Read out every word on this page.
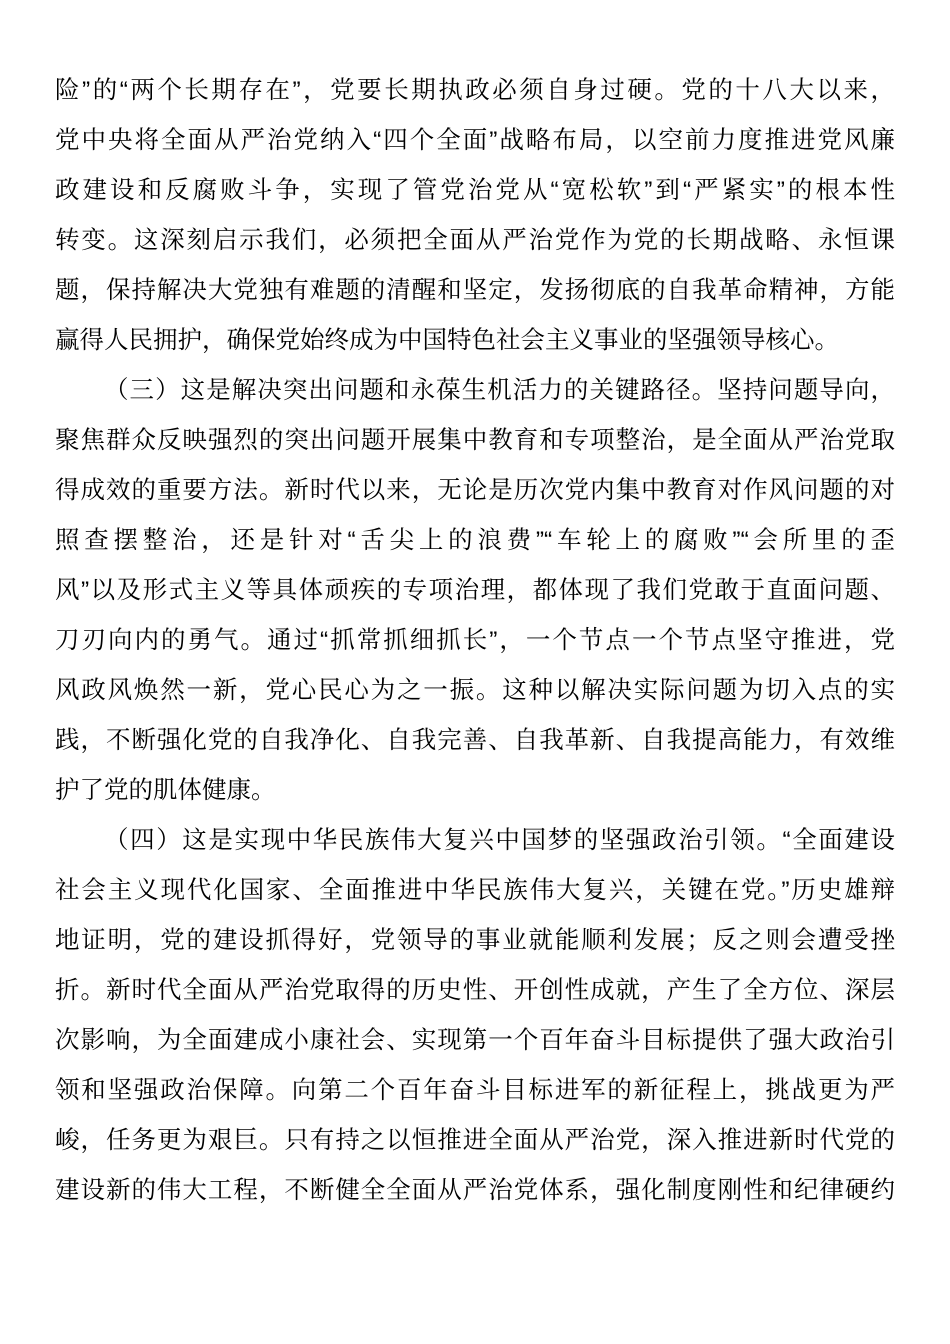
险”的“两个长期存在”，党要长期执政必须自身过硬。党的十八大以来，
党中央将全面从严治党纳入“四个全面”战略布局，以空前力度推进党风廉
政建设和反腐败斗争，实现了管党治党从“宽松软”到“严紧实”的根本性
转变。这深刻启示我们，必须把全面从严治党作为党的长期战略、永恒课
题，保持解决大党独有难题的清醒和坚定，发扬彻底的自我革命精神，方能
赢得人民拥护，确保党始终成为中国特色社会主义事业的坚强领导核心。
（三）这是解决突出问题和永葆生机活力的关键路径。坚持问题导向，
聚焦群众反映强烈的突出问题开展集中教育和专项整治，是全面从严治党取
得成效的重要方法。新时代以来，无论是历次党内集中教育对作风问题的对
照查摆整治，还是针对“舌尖上的浪费”“车轮上的腐败”“会所里的歪
风”以及形式主义等具体顽疾的专项治理，都体现了我们党敢于直面问题、
刀刃向内的勇气。通过“抓常抓细抓长”，一个节点一个节点坚守推进，党
风政风焕然一新，党心民心为之一振。这种以解决实际问题为切入点的实
践，不断强化党的自我净化、自我完善、自我革新、自我提高能力，有效维
护了党的肌体健康。
（四）这是实现中华民族伟大复兴中国梦的坚强政治引领。“全面建设
社会主义现代化国家、全面推进中华民族伟大复兴，关键在党。”历史雄辩
地证明，党的建设抓得好，党领导的事业就能顺利发展；反之则会遭受挫
折。新时代全面从严治党取得的历史性、开创性成就，产生了全方位、深层
次影响，为全面建成小康社会、实现第一个百年奋斗目标提供了强大政治引
领和坚强政治保障。向第二个百年奋斗目标进军的新征程上，挑战更为严
峻，任务更为艰巨。只有持之以恒推进全面从严治党，深入推进新时代党的
建设新的伟大工程，不断健全全面从严治党体系，强化制度刚性和纪律硬约
